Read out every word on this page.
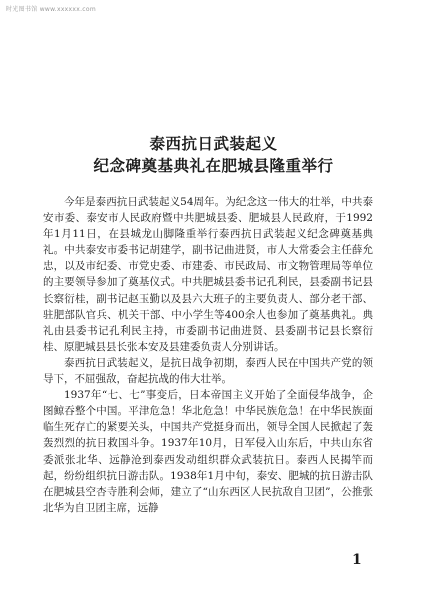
时光图书馆 www.xxxxxx.com
泰西抗日武装起义
纪念碑奠基典礼在肥城县隆重举行

今年是泰西抗日武装起义54周年。为纪念这一伟大的壮举，中共泰安市委、泰安市人民政府暨中共肥城县委、肥城县人民政府，于1992年1月11日，在县城龙山脚隆重举行泰西抗日武装起义纪念碑奠基典礼。中共泰安市委书记胡建学，副书记曲进贤，市人大常委会主任薛允忠，以及市纪委、市党史委、市建委、市民政局、市文物管理局等单位的主要领导参加了奠基仪式。中共肥城县委书记孔利民，县委副书记县长察衍桂，副书记赵玉勤以及县六大班子的主要负责人、部分老干部、驻肥部队官兵、机关干部、中小学生等400余人也参加了奠基典礼。典礼由县委书记孔利民主持，市委副书记曲进贤、县委副书记县长察衍桂、原肥城县县长张本安及县建委负责人分别讲话。

泰西抗日武装起义，是抗日战争初期，泰西人民在中国共产党的领导下，不屈强敌，奋起抗战的伟大壮举。

1937年“七、七”事变后，日本帝国主义开始了全面侵华战争，企图鲸吞整个中国。平津危急！华北危急！中华民族危急！在中华民族面临生死存亡的紧要关头，中国共产党挺身而出，领导全国人民掀起了轰轰烈烈的抗日救国斗争。1937年10月，日军侵入山东后，中共山东省委派张北华、远静沧到泰西发动组织群众武装抗日。泰西人民揭竿而起，纷纷组织抗日游击队。1938年1月中旬，泰安、肥城的抗日游击队在肥城县空杏寺胜利会师，建立了“山东西区人民抗敌自卫团”，公推张北华为自卫团主席，远静

1
